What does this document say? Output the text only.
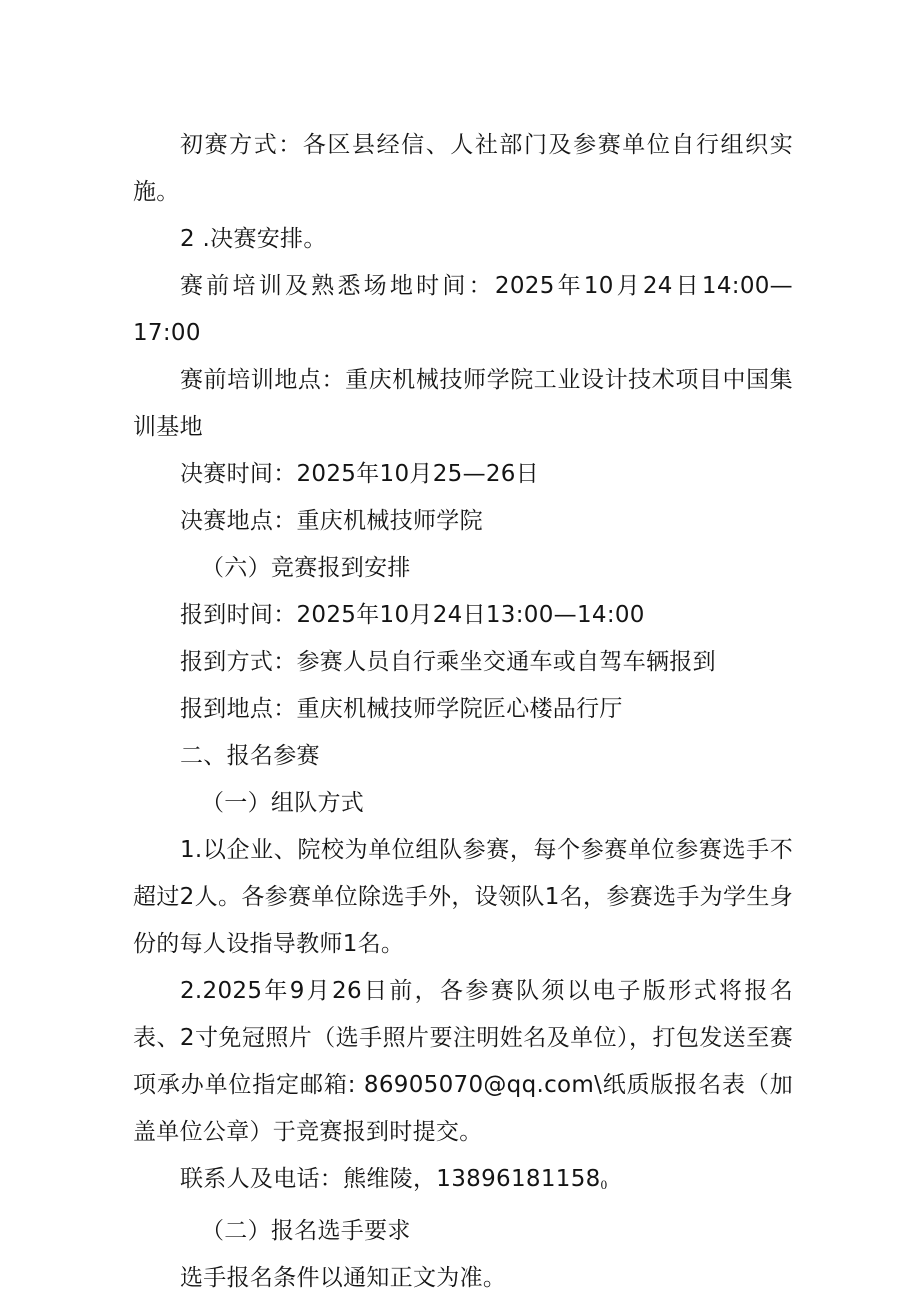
初赛方式：各区县经信、人社部门及参赛单位自行组织实施。

2 .决赛安排。

赛前培训及熟悉场地时间：2025年10月24日14:00—17:00

赛前培训地点：重庆机械技师学院工业设计技术项目中国集训基地

决赛时间：2025年10月25—26日

决赛地点：重庆机械技师学院

（六）竞赛报到安排

报到时间：2025年10月24日13:00—14:00

报到方式：参赛人员自行乘坐交通车或自驾车辆报到

报到地点：重庆机械技师学院匠心楼品行厅

二、报名参赛

（一）组队方式

1.以企业、院校为单位组队参赛，每个参赛单位参赛选手不超过2人。各参赛单位除选手外，设领队1名，参赛选手为学生身份的每人设指导教师1名。

2.2025年9月26日前，各参赛队须以电子版形式将报名表、2寸免冠照片（选手照片要注明姓名及单位），打包发送至赛项承办单位指定邮箱: 86905070@qq.com\纸质版报名表（加盖单位公章）于竞赛报到时提交。

联系人及电话：熊维陵，$13896181158_0$

（二）报名选手要求

选手报名条件以通知正文为准。
